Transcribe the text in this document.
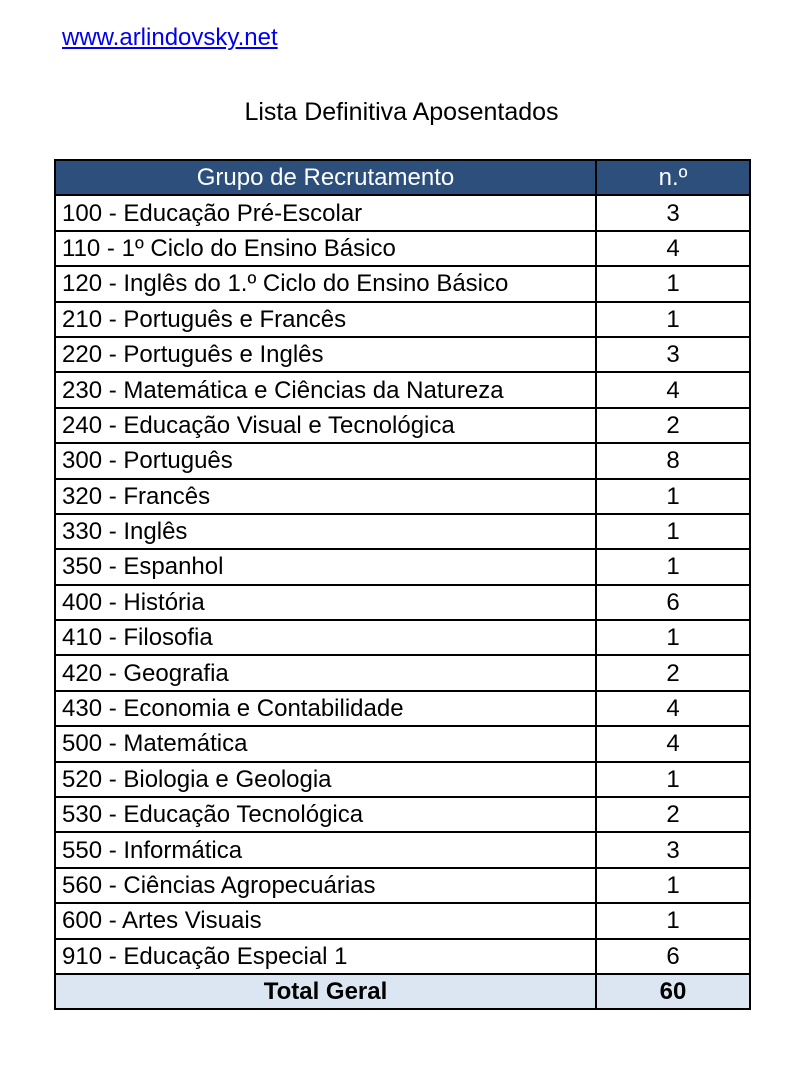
www.arlindovsky.net
Lista Definitiva Aposentados
Grupo de Recrutamento	n.º
100 - Educação Pré-Escolar	3
110 - 1º Ciclo do Ensino Básico	4
120 - Inglês do 1.º Ciclo do Ensino Básico	1
210 - Português e Francês	1
220 - Português e Inglês	3
230 - Matemática e Ciências da Natureza	4
240 - Educação Visual e Tecnológica	2
300 - Português	8
320 - Francês	1
330 - Inglês	1
350 - Espanhol	1
400 - História	6
410 - Filosofia	1
420 - Geografia	2
430 - Economia e Contabilidade	4
500 - Matemática	4
520 - Biologia e Geologia	1
530 - Educação Tecnológica	2
550 - Informática	3
560 - Ciências Agropecuárias	1
600 - Artes Visuais	1
910 - Educação Especial 1	6
Total Geral	60
